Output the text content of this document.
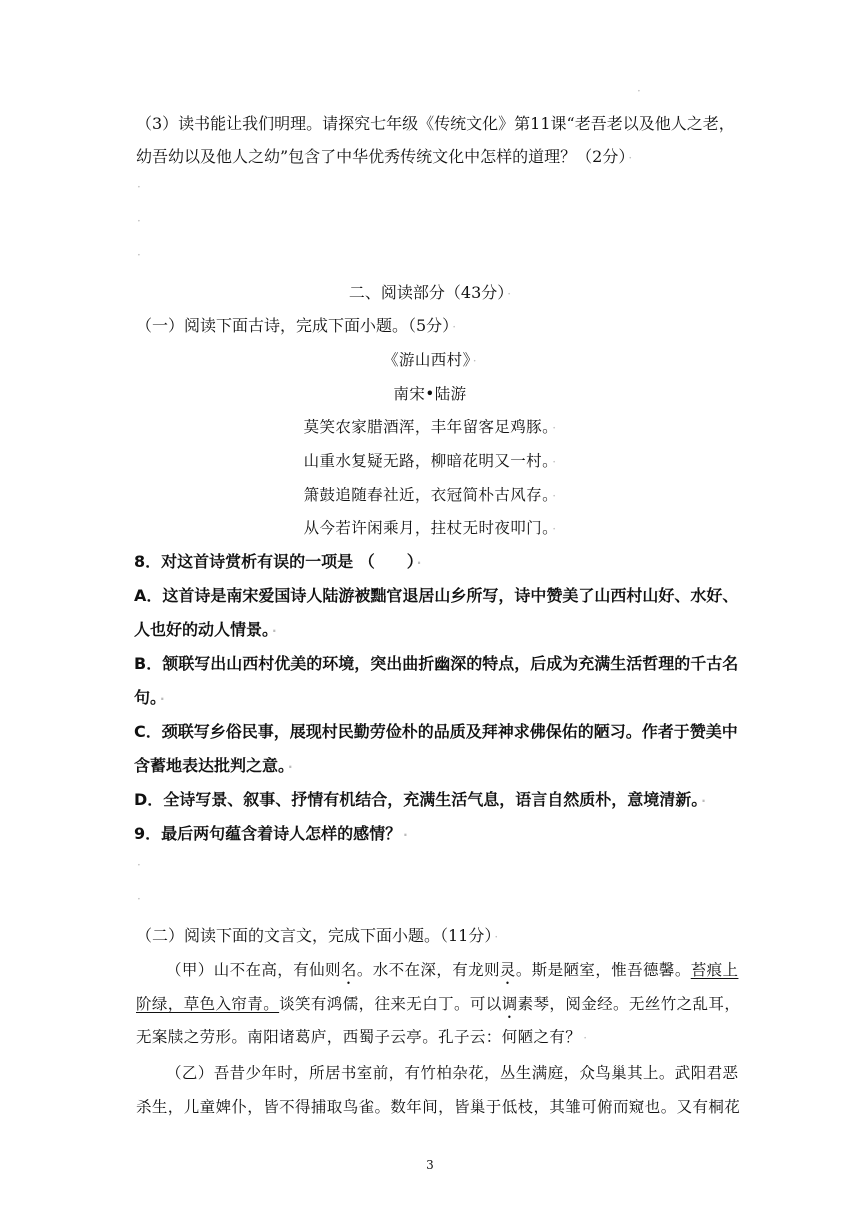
·
（3）读书能让我们明理。请探究七年级《传统文化》第11课“老吾老以及他人之老，
幼吾幼以及他人之幼”包含了中华优秀传统文化中怎样的道理？（2分） ·
·
·
·
二、阅读部分（43分） ·
（一）阅读下面古诗，完成下面小题。（5分） ·
《游山西村》 ·
南宋•陆游
莫笑农家腊酒浑，丰年留客足鸡豚。 ·
山重水复疑无路，柳暗花明又一村。 ·
箫鼓追随春社近，衣冠简朴古风存。 ·
从今若许闲乘月，拄杖无时夜叩门。 ·
8．对这首诗赏析有误的一项是 （　　） ·
A．这首诗是南宋爱国诗人陆游被黜官退居山乡所写，诗中赞美了山西村山好、水好、
人也好的动人情景。 ·
B．颔联写出山西村优美的环境，突出曲折幽深的特点，后成为充满生活哲理的千古名
句。 ·
C．颈联写乡俗民事，展现村民勤劳俭朴的品质及拜神求佛保佑的陋习。作者于赞美中
含蓄地表达批判之意。 ·
D．全诗写景、叙事、抒情有机结合，充满生活气息，语言自然质朴，意境清新。 ·
9．最后两句蕴含着诗人怎样的感情？ ·
·
·
（二）阅读下面的文言文，完成下面小题。（11分） ·
（甲）山不在高，有仙则名。水不在深，有龙则灵。斯是陋室，惟吾德馨。苔痕上
阶绿，草色入帘青。谈笑有鸿儒，往来无白丁。可以调素琴，阅金经。无丝竹之乱耳，
无案牍之劳形。南阳诸葛庐，西蜀子云亭。孔子云：何陋之有？ ·
（乙）吾昔少年时，所居书室前，有竹柏杂花，丛生满庭，众鸟巢其上。武阳君恶
杀生，儿童婢仆，皆不得捕取鸟雀。数年间，皆巢于低枝，其雏可俯而窥也。又有桐花
3
